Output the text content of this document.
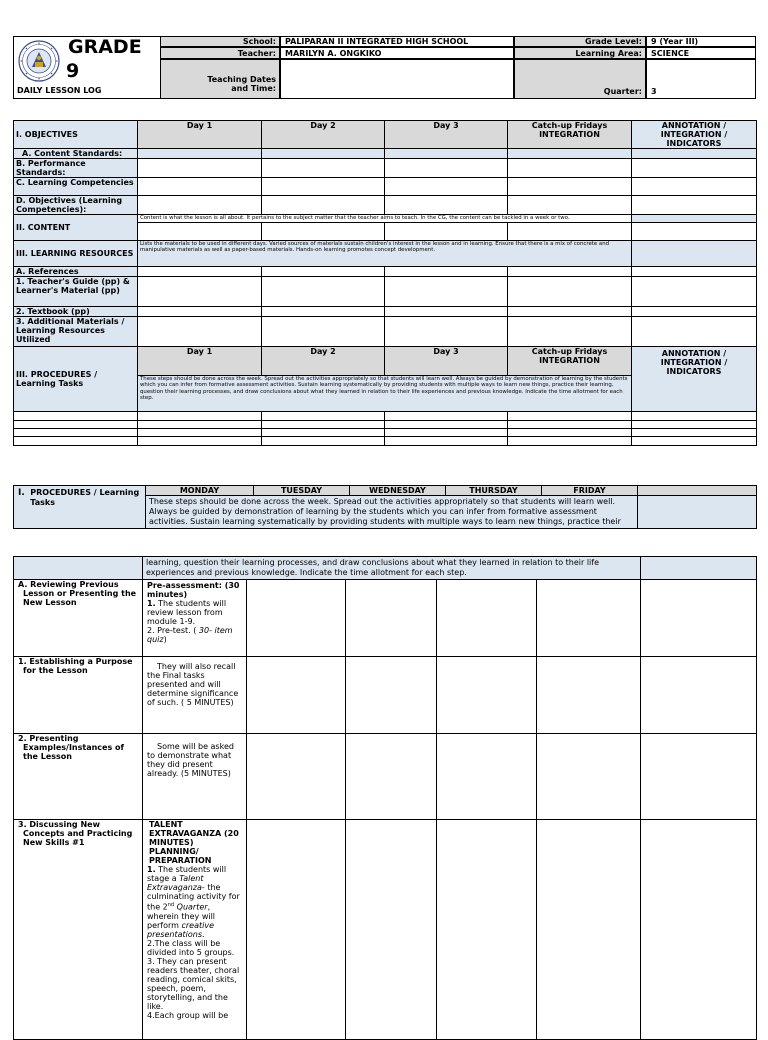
GRADE
9
DAILY LESSON LOG
School:	PALIPARAN II INTEGRATED HIGH SCHOOL	Grade Level:	9 (Year III)
Teacher:	MARILYN A. ONGKIKO	Learning Area:	SCIENCE
Teaching Dates and Time:	Quarter:	3
I. OBJECTIVES	Day 1	Day 2	Day 3	Catch-up Fridays INTEGRATION	ANNOTATION / INTEGRATION / INDICATORS
A. Content Standards:					
B. Performance Standards:					
C. Learning Competencies					
D. Objectives (Learning Competencies):					
II. CONTENT	Content is what the lesson is all about. It pertains to the subject matter that the teacher aims to teach. In the CG, the content can be tackled in a week or two.				

III. LEARNING RESOURCES	Lists the materials to be used in different days. Varied sources of materials sustain children's interest in the lesson and in learning. Ensure that there is a mix of concrete and manipulative materials as well as paper-based materials. Hands-on learning promotes concept development.				
A. References					
1. Teacher's Guide (pp) & Learner's Material (pp)					
2. Textbook (pp)					
3. Additional Materials / Learning Resources Utilized					
III. PROCEDURES / Learning Tasks	Day 1	Day 2	Day 3	Catch-up Fridays INTEGRATION	ANNOTATION / INTEGRATION / INDICATORS
	These steps should be done across the week. Spread out the activities appropriately so that students will learn well. Always be guided by demonstration of learning by the students which you can infer from formative assessment activities. Sustain learning systematically by providing students with multiple ways to learn new things, practice their learning, question their learning processes, and draw conclusions about what they learned in relation to their life experiences and previous knowledge. Indicate the time allotment for each step.				

I. PROCEDURES / Learning Tasks	MONDAY	TUESDAY	WEDNESDAY	THURSDAY	FRIDAY	
	These steps should be done across the week. Spread out the activities appropriately so that students will learn well. Always be guided by demonstration of learning by the students which you can infer from formative assessment activities. Sustain learning systematically by providing students with multiple ways to learn new things, practice their					
	learning, question their learning processes, and draw conclusions about what they learned in relation to their life experiences and previous knowledge. Indicate the time allotment for each step.					
A. Reviewing Previous Lesson or Presenting the New Lesson	Pre-assessment: (30 minutes)
1. The students will review lesson from module 1-9.
2. Pre-test. ( 30- item quiz)					

1. Establishing a Purpose for the Lesson	They will also recall the Final tasks presented and will determine significance of such. ( 5 MINUTES)					

2. Presenting Examples/Instances of the Lesson	Some will be asked to demonstrate what they did present already. (5 MINUTES)					

3. Discussing New Concepts and Practicing New Skills #1	TALENT EXTRAVAGANZA (20 MINUTES) PLANNING/ PREPARATION
1. The students will stage a Talent Extravaganza- the culminating activity for the 2nd Quarter, wherein they will perform creative presentations.
2.The class will be divided into 5 groups.
3. They can present readers theater, choral reading, comical skits, speech, poem, storytelling, and the like.
4.Each group will be					
